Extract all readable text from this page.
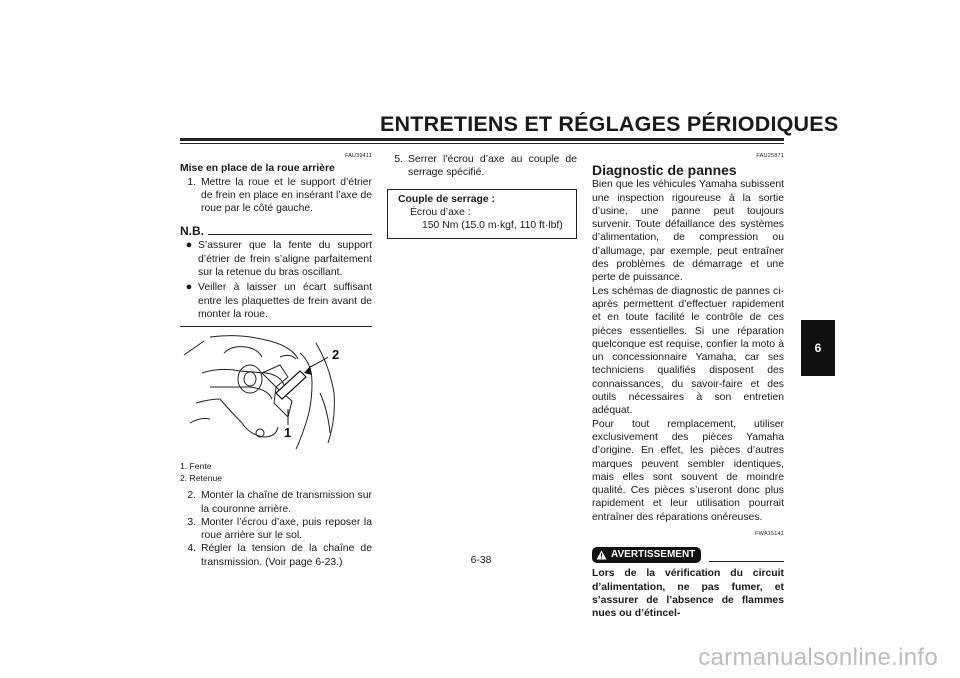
ENTRETIENS ET RÉGLAGES PÉRIODIQUES
6
FAU39411
Mise en place de la roue arrière
1. Mettre la roue et le support d’étrier de frein en place en insérant l’axe de roue par le côté gauche.
N.B.
● S’assurer que la fente du support d’étrier de frein s’aligne parfaitement sur la retenue du bras oscillant.
● Veiller à laisser un écart suffisant entre les plaquettes de frein avant de monter la roue.
2
1
1. Fente
2. Retenue
2. Monter la chaîne de transmission sur la couronne arrière.
3. Monter l’écrou d’axe, puis reposer la roue arrière sur le sol.
4. Régler la tension de la chaîne de transmission. (Voir page 6-23.)
5. Serrer l’écrou d’axe au couple de serrage spécifié.
Couple de serrage :
Écrou d’axe :
150 Nm (15.0 m·kgf, 110 ft·lbf)
FAU25871
Diagnostic de pannes
Bien que les véhicules Yamaha subissent une inspection rigoureuse à la sortie d’usine, une panne peut toujours survenir. Toute défaillance des systèmes d’alimentation, de compression ou d’allumage, par exemple, peut entraîner des problèmes de démarrage et une perte de puissance.
Les schémas de diagnostic de pannes ci-après permettent d’effectuer rapidement et en toute facilité le contrôle de ces pièces essentielles. Si une réparation quelconque est requise, confier la moto à un concessionnaire Yamaha, car ses techniciens qualifiés disposent des connaissances, du savoir-faire et des outils nécessaires à son entretien adéquat.
Pour tout remplacement, utiliser exclusivement des pièces Yamaha d’origine. En effet, les pièces d’autres marques peuvent sembler identiques, mais elles sont souvent de moindre qualité. Ces pièces s’useront donc plus rapidement et leur utilisation pourrait entraîner des réparations onéreuses.
FWA15141
AVERTISSEMENT
Lors de la vérification du circuit d’alimentation, ne pas fumer, et s’assurer de l’absence de flammes nues ou d’étincel-
6-38
carmanualsonline.info
